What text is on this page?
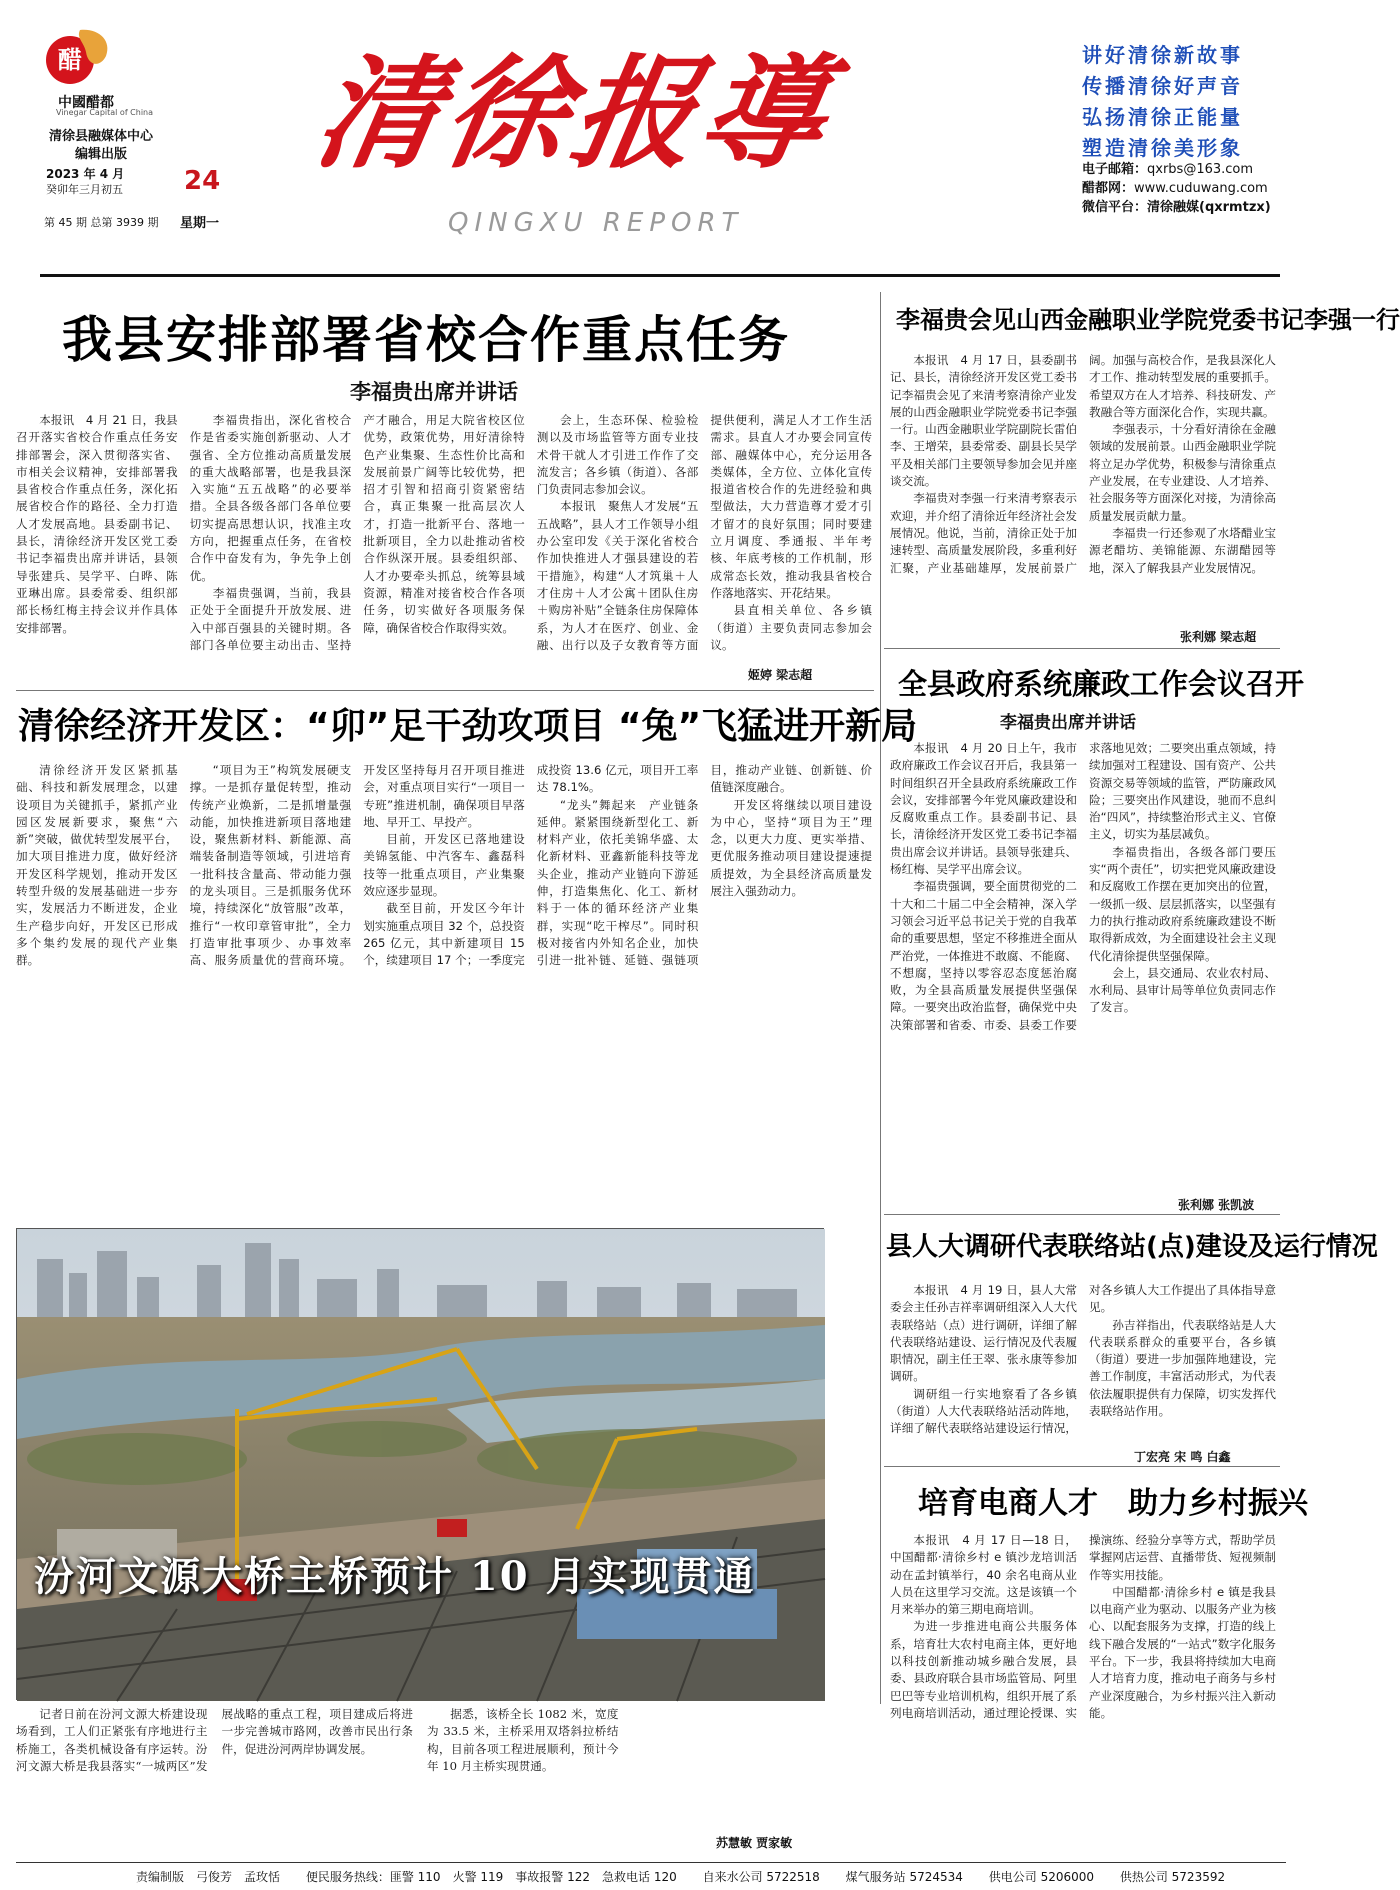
醋
中國醋都
Vinegar Capital of China
清徐县融媒体中心
编辑出版
2023 年 4 月
癸卯年三月初五 24
第 45 期 总第 3939 期 星期一
清徐报導
QINGXU REPORT
讲好清徐新故事
传播清徐好声音
弘扬清徐正能量
塑造清徐美形象
电子邮箱：qxrbs@163.com
醋都网：www.cuduwang.com
微信平台：清徐融媒(qxrmtzx)
我县安排部署省校合作重点任务
李福贵出席并讲话

本报讯　4 月 21 日，我县召开落实省校合作重点任务安排部署会，深入贯彻落实省、市相关会议精神，安排部署我县省校合作重点任务，深化拓展省校合作的路径、全力打造人才发展高地。县委副书记、县长，清徐经济开发区党工委书记李福贵出席并讲话，县领导张建兵、吴学平、白晔、陈亚琳出席。县委常委、组织部部长杨红梅主持会议并作具体安排部署。

李福贵指出，深化省校合作是省委实施创新驱动、人才强省、全方位推动高质量发展的重大战略部署，也是我县深入实施“五五战略”的必要举措。全县各级各部门各单位要切实提高思想认识，找准主攻方向，把握重点任务，在省校合作中奋发有为，争先争上创优。

李福贵强调，当前，我县正处于全面提升开放发展、进入中部百强县的关键时期。各部门各单位要主动出击、坚持产才融合，用足大院省校区位优势，政策优势，用好清徐特色产业集聚、生态性价比高和发展前景广阔等比较优势，把招才引智和招商引资紧密结合，真正集聚一批高层次人才，打造一批新平台、落地一批新项目，全力以赴推动省校合作纵深开展。县委组织部、人才办要牵头抓总，统筹县域资源，精准对接省校合作各项任务，切实做好各项服务保障，确保省校合作取得实效。

会上，生态环保、检验检测以及市场监管等方面专业技术骨干就人才引进工作作了交流发言；各乡镇（街道）、各部门负责同志参加会议。

本报讯　聚焦人才发展“五五战略”，县人才工作领导小组办公室印发《关于深化省校合作加快推进人才强县建设的若干措施》，构建“人才筑巢＋人才住房＋人才公寓＋团队住房＋购房补贴”全链条住房保障体系，为人才在医疗、创业、金融、出行以及子女教育等方面提供便利，满足人才工作生活需求。县直人才办要会同宣传部、融媒体中心，充分运用各类媒体，全方位、立体化宣传报道省校合作的先进经验和典型做法，大力营造尊才爱才引才留才的良好氛围；同时要建立月调度、季通报、半年考核、年底考核的工作机制，形成常态长效，推动我县省校合作落地落实、开花结果。

县直相关单位、各乡镇（街道）主要负责同志参加会议。

姬婷 梁志超
李福贵会见山西金融职业学院党委书记李强一行

本报讯　4 月 17 日，县委副书记、县长，清徐经济开发区党工委书记李福贵会见了来清考察清徐产业发展的山西金融职业学院党委书记李强一行。山西金融职业学院副院长雷伯李、王增荣，县委常委、副县长吴学平及相关部门主要领导参加会见并座谈交流。

李福贵对李强一行来清考察表示欢迎，并介绍了清徐近年经济社会发展情况。他说，当前，清徐正处于加速转型、高质量发展阶段，多重利好汇聚，产业基础雄厚，发展前景广阔。加强与高校合作，是我县深化人才工作、推动转型发展的重要抓手。希望双方在人才培养、科技研发、产教融合等方面深化合作，实现共赢。

李强表示，十分看好清徐在金融领域的发展前景。山西金融职业学院将立足办学优势，积极参与清徐重点产业发展，在专业建设、人才培养、社会服务等方面深化对接，为清徐高质量发展贡献力量。

李福贵一行还参观了水塔醋业宝源老醋坊、美锦能源、东湖醋园等地，深入了解我县产业发展情况。

张利娜 梁志超
清徐经济开发区：“卯”足干劲攻项目 “兔”飞猛进开新局

清徐经济开发区紧抓基础、科技和新发展理念，以建设项目为关键抓手，紧抓产业园区发展新要求，聚焦“六新”突破，做优转型发展平台，加大项目推进力度，做好经济开发区科学规划，推动开发区转型升级的发展基础进一步夯实，发展活力不断迸发，企业生产稳步向好，开发区已形成多个集约发展的现代产业集群。

“项目为王”构筑发展硬支撑。一是抓存量促转型，推动传统产业焕新，二是抓增量强动能，加快推进新项目落地建设，聚焦新材料、新能源、高端装备制造等领域，引进培育一批科技含量高、带动能力强的龙头项目。三是抓服务优环境，持续深化“放管服”改革，推行“一枚印章管审批”，全力打造审批事项少、办事效率高、服务质量优的营商环境。开发区坚持每月召开项目推进会，对重点项目实行“一项目一专班”推进机制，确保项目早落地、早开工、早投产。

目前，开发区已落地建设美锦氢能、中汽客车、鑫磊科技等一批重点项目，产业集聚效应逐步显现。

截至目前，开发区今年计划实施重点项目 32 个，总投资 265 亿元，其中新建项目 15 个，续建项目 17 个；一季度完成投资 13.6 亿元，项目开工率达 78.1%。

“龙头”舞起来　产业链条延伸。紧紧围绕新型化工、新材料产业，依托美锦华盛、太化新材料、亚鑫新能科技等龙头企业，推动产业链向下游延伸，打造集焦化、化工、新材料于一体的循环经济产业集群，实现“吃干榨尽”。同时积极对接省内外知名企业，加快引进一批补链、延链、强链项目，推动产业链、创新链、价值链深度融合。

开发区将继续以项目建设为中心，坚持“项目为王”理念，以更大力度、更实举措、更优服务推动项目建设提速提质提效，为全县经济高质量发展注入强劲动力。

全县政府系统廉政工作会议召开
李福贵出席并讲话

本报讯　4 月 20 日上午，我市政府廉政工作会议召开后，我县第一时间组织召开全县政府系统廉政工作会议，安排部署今年党风廉政建设和反腐败重点工作。县委副书记、县长，清徐经济开发区党工委书记李福贵出席会议并讲话。县领导张建兵、杨红梅、吴学平出席会议。

李福贵强调，要全面贯彻党的二十大和二十届二中全会精神，深入学习领会习近平总书记关于党的自我革命的重要思想，坚定不移推进全面从严治党，一体推进不敢腐、不能腐、不想腐，坚持以零容忍态度惩治腐败，为全县高质量发展提供坚强保障。一要突出政治监督，确保党中央决策部署和省委、市委、县委工作要求落地见效；二要突出重点领域，持续加强对工程建设、国有资产、公共资源交易等领域的监管，严防廉政风险；三要突出作风建设，驰而不息纠治“四风”，持续整治形式主义、官僚主义，切实为基层减负。

李福贵指出，各级各部门要压实“两个责任”，切实把党风廉政建设和反腐败工作摆在更加突出的位置，一级抓一级、层层抓落实，以坚强有力的执行推动政府系统廉政建设不断取得新成效，为全面建设社会主义现代化清徐提供坚强保障。

会上，县交通局、农业农村局、水利局、县审计局等单位负责同志作了发言。

张利娜 张凯波
县人大调研代表联络站(点)建设及运行情况

本报讯　4 月 19 日，县人大常委会主任孙吉祥率调研组深入人大代表联络站（点）进行调研，详细了解代表联络站建设、运行情况及代表履职情况，副主任王翠、张永康等参加调研。

调研组一行实地察看了各乡镇（街道）人大代表联络站活动阵地，详细了解代表联络站建设运行情况，对各乡镇人大工作提出了具体指导意见。

孙吉祥指出，代表联络站是人大代表联系群众的重要平台，各乡镇（街道）要进一步加强阵地建设，完善工作制度，丰富活动形式，为代表依法履职提供有力保障，切实发挥代表联络站作用。

丁宏亮 宋 鸣 白鑫
培育电商人才　助力乡村振兴

本报讯　4 月 17 日—18 日，中国醋都·清徐乡村 e 镇沙龙培训活动在孟封镇举行，40 余名电商从业人员在这里学习交流。这是该镇一个月来举办的第三期电商培训。

为进一步推进电商公共服务体系，培育壮大农村电商主体，更好地以科技创新推动城乡融合发展，县委、县政府联合县市场监管局、阿里巴巴等专业培训机构，组织开展了系列电商培训活动，通过理论授课、实操演练、经验分享等方式，帮助学员掌握网店运营、直播带货、短视频制作等实用技能。

中国醋都·清徐乡村 e 镇是我县以电商产业为驱动、以服务产业为核心、以配套服务为支撑，打造的线上线下融合发展的“一站式”数字化服务平台。下一步，我县将持续加大电商人才培育力度，推动电子商务与乡村产业深度融合，为乡村振兴注入新动能。

汾河文源大桥主桥预计 10 月实现贯通

记者日前在汾河文源大桥建设现场看到，工人们正紧张有序地进行主桥施工，各类机械设备有序运转。汾河文源大桥是我县落实“一城两区”发展战略的重点工程，项目建成后将进一步完善城市路网，改善市民出行条件，促进汾河两岸协调发展。

据悉，该桥全长 1082 米，宽度为 33.5 米，主桥采用双塔斜拉桥结构，目前各项工程进展顺利，预计今年 10 月主桥实现贯通。

苏慧敏 贾家敏
责编制版　弓俊芳　孟玫恬 便民服务热线：匪警 110　火警 119　事故报警 122　急救电话 120 自来水公司 5722518 煤气服务站 5724534 供电公司 5206000 供热公司 5723592
